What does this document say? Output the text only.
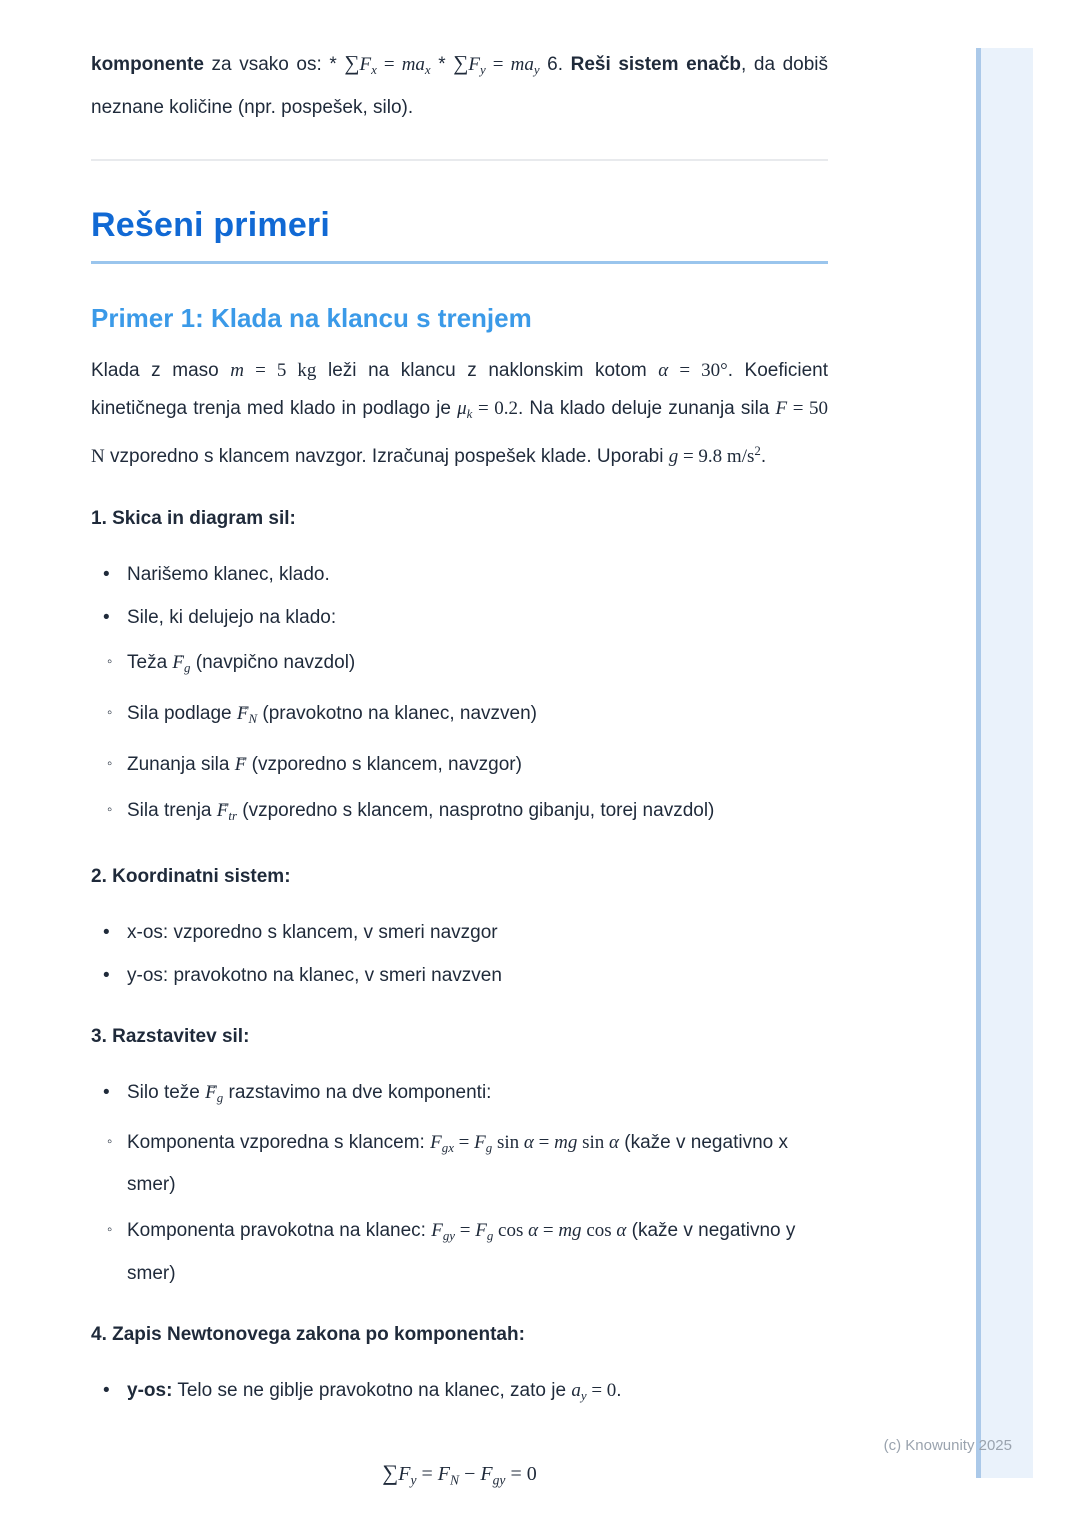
komponente za vsako os: * $\sum F_x = ma_x * \sum F_y = ma_y$ 6. Reši sistem enačb, da dobiš neznane količine (npr. pospešek, silo).

Rešeni primeri
Primer 1: Klada na klancu s trenjem

Klada z maso m = 5 kg leži na klancu z naklonskim kotom α = 30°. Koeficient kinetičnega trenja med klado in podlago je $\mu_k = 0.2$. Na klado deluje zunanja sila F = 50 N vzporedno s klancem navzgor. Izračunaj pospešek klade. Uporabi g = 9.8 $m/s^2$.

1. Skica in diagram sil:

• Narišemo klanec, klado.
• Sile, ki delujejo na klado:
◦ Teža → $F_g$ (navpično navzdol)
◦ Sila podlage → $F_N$ (pravokotno na klanec, navzven)
◦ Zunanja sila → F (vzporedno s klancem, navzgor)
◦ Sila trenja → $F_{tr}$ (vzporedno s klancem, nasprotno gibanju, torej navzdol)

2. Koordinatni sistem:

• x-os: vzporedno s klancem, v smeri navzgor
• y-os: pravokotno na klanec, v smeri navzven

3. Razstavitev sil:

• Silo teže → $F_g$ razstavimo na dve komponenti:
◦ Komponenta vzporedna s klancem: $F_{gx} = F_g$ sin α = mg sin α (kaže v negativno x smer)
◦ Komponenta pravokotna na klanec: $F_{gy} = F_g$ cos α = mg cos α (kaže v negativno y smer)

4. Zapis Newtonovega zakona po komponentah:

• y-os: Telo se ne giblje pravokotno na klanec, zato je $a_y = 0$.
$\sum F_y = F_N - F_{gy} = 0$
(c) Knowunity 2025
